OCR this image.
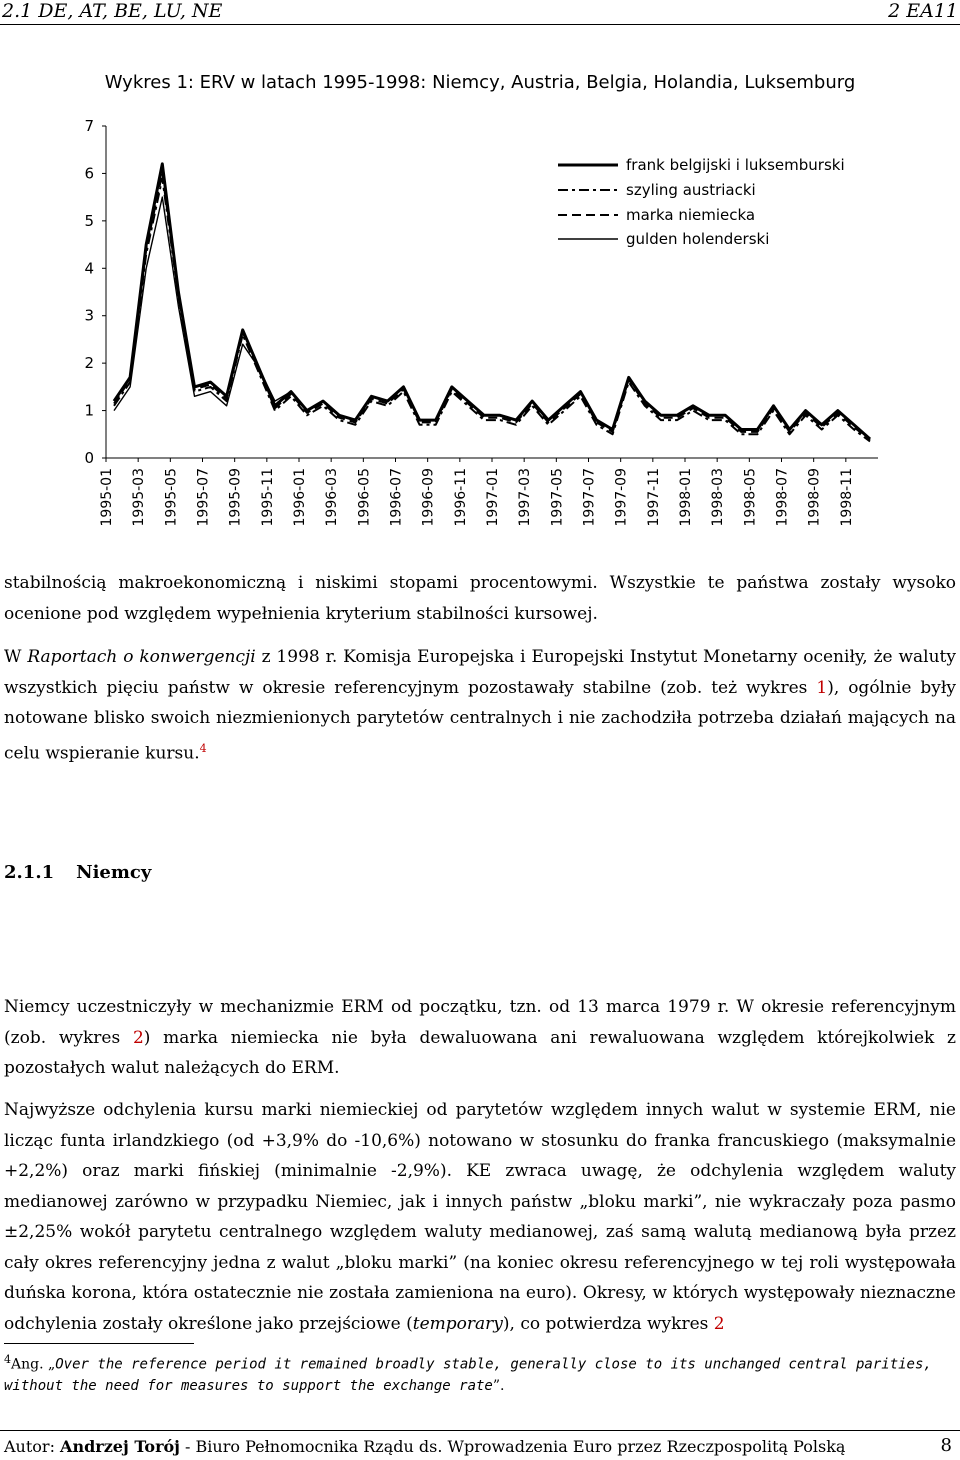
2.1 DE, AT, BE, LU, NE	2 EA11
Wykres 1: ERV w latach 1995-1998: Niemcy, Austria, Belgia, Holandia, Luksemburg
0
1
2
3
4
5
6
7
1995-01 1995-03 1995-05 1995-07 1995-09 1995-11 1996-01 1996-03 1996-05 1996-07 1996-09 1996-11 1997-01 1997-03 1997-05 1997-07 1997-09 1997-11 1998-01 1998-03 1998-05 1998-07 1998-09 1998-11
frank belgijski i luksemburski
szyling austriacki
marka niemiecka
gulden holenderski

stabilnością makroekonomiczną i niskimi stopami procentowymi. Wszystkie te państwa zostały wysoko ocenione pod względem wypełnienia kryterium stabilności kursowej.

W Raportach o konwergencji z 1998 r. Komisja Europejska i Europejski Instytut Monetarny oceniły, że waluty wszystkich pięciu państw w okresie referencyjnym pozostawały stabilne (zob. też wykres 1), ogólnie były notowane blisko swoich niezmienionych parytetów centralnych i nie zachodziła potrzeba działań mających na celu wspieranie kursu.$^4$

2.1.1 Niemcy

Niemcy uczestniczyły w mechanizmie ERM od początku, tzn. od 13 marca 1979 r. W okresie referencyjnym (zob. wykres 2) marka niemiecka nie była dewaluowana ani rewaluowana względem którejkolwiek z pozostałych walut należących do ERM.

Najwyższe odchylenia kursu marki niemieckiej od parytetów względem innych walut w systemie ERM, nie licząc funta irlandzkiego (od +3,9% do -10,6%) notowano w stosunku do franka francuskiego (maksymalnie +2,2%) oraz marki fińskiej (minimalnie -2,9%). KE zwraca uwagę, że odchylenia względem waluty medianowej zarówno w przypadku Niemiec, jak i innych państw „bloku marki”, nie wykraczały poza pasmo ±2,25% wokół parytetu centralnego względem waluty medianowej, zaś samą walutą medianową była przez cały okres referencyjny jedna z walut „bloku marki” (na koniec okresu referencyjnego w tej roli występowała duńska korona, która ostatecznie nie została zamieniona na euro). Okresy, w których występowały nieznaczne odchylenia zostały określone jako przejściowe (temporary), co potwierdza wykres 2

$^4$Ang. „Over the reference period it remained broadly stable, generally close to its unchanged central parities, without the need for measures to support the exchange rate”.

Autor: Andrzej Torój - Biuro Pełnomocnika Rządu ds. Wprowadzenia Euro przez Rzeczpospolitą Polską	8
